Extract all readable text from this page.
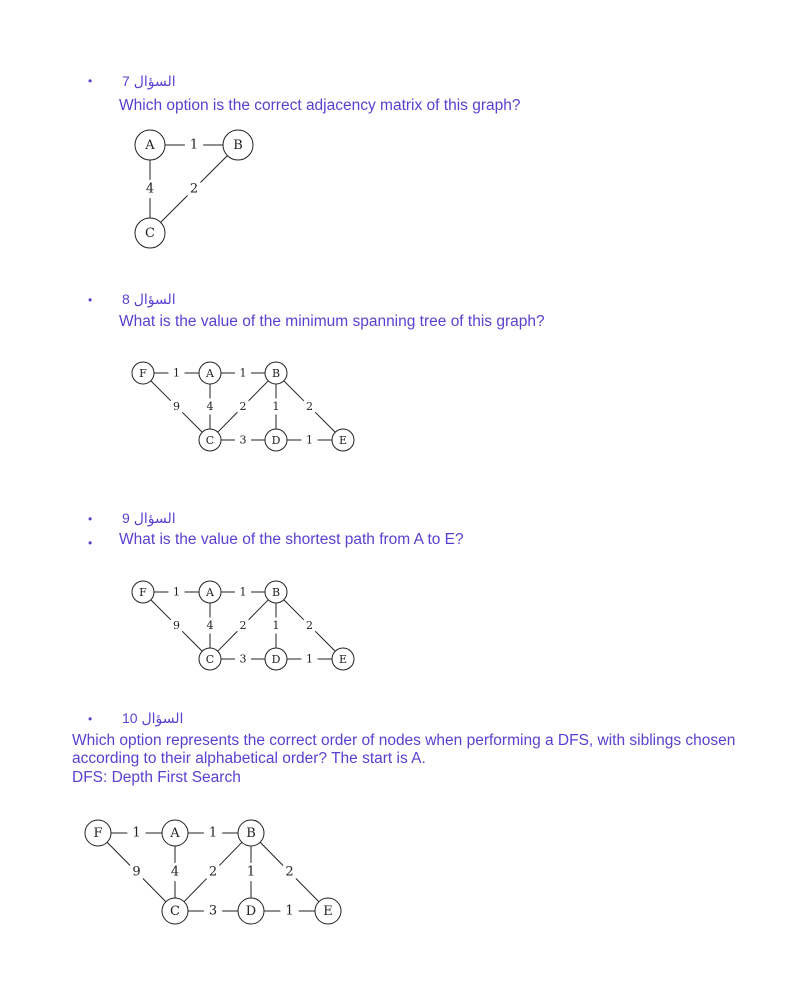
• 7 السؤال
Which option is the correct adjacency matrix of this graph?
1
4	2
A	B
C
• 8 السؤال
What is the value of the minimum spanning tree of this graph?
1	1
9 4 2 1 2
3	1
F	A	B
C	D	E
• 9 السؤال
• What is the value of the shortest path from A to E?
1	1
9 4 2 1 2
3	1
F	A	B
C	D	E
• 10 السؤال
Which option represents the correct order of nodes when performing a DFS, with siblings chosen according to their alphabetical order? The start is A.
DFS: Depth First Search
1	1
9 4 2 1 2
3	1
F	A	B
C	D	E
